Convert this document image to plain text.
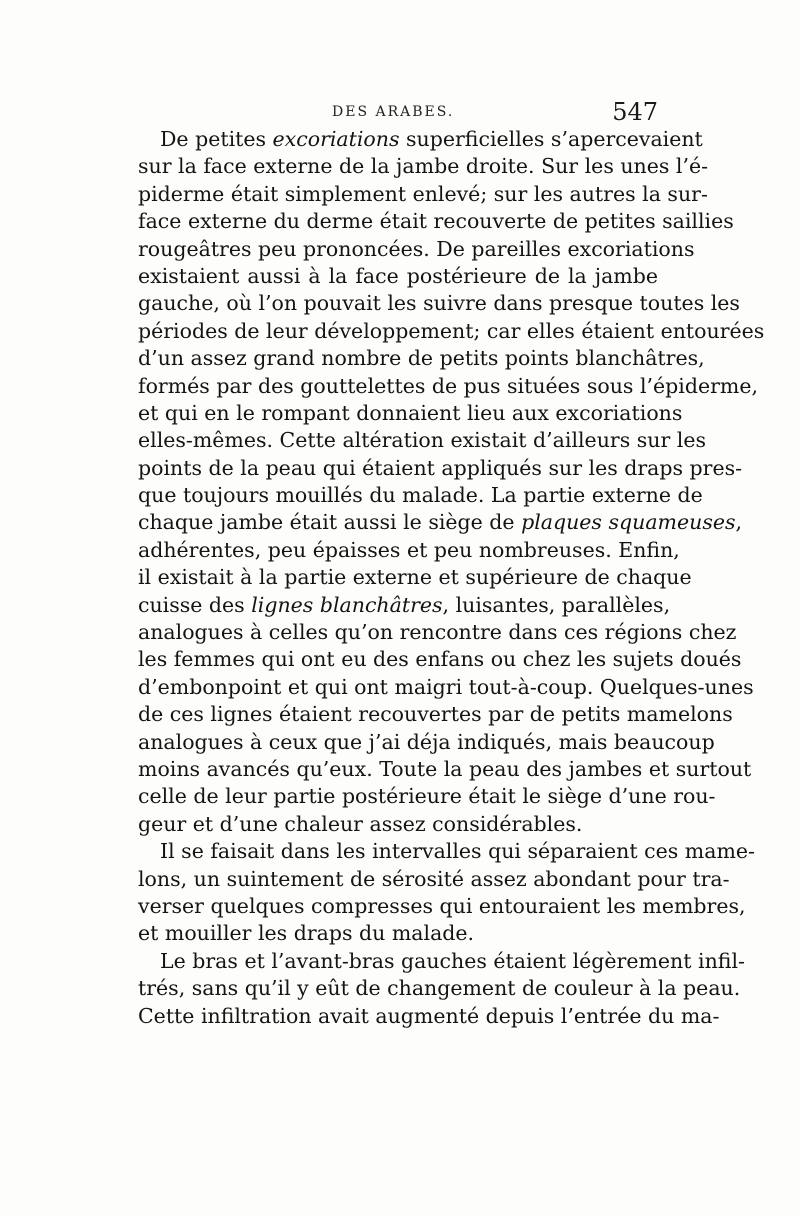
DES ARABES.	547
De petites excoriations superficielles s’apercevaient
sur la face externe de la jambe droite. Sur les unes l’é-
piderme était simplement enlevé; sur les autres la sur-
face externe du derme était recouverte de petites saillies
rougeâtres peu prononcées. De pareilles excoriations
existaient aussi à la face postérieure de la jambe
gauche, où l’on pouvait les suivre dans presque toutes les
périodes de leur développement; car elles étaient entourées
d’un assez grand nombre de petits points blanchâtres,
formés par des gouttelettes de pus situées sous l’épiderme,
et qui en le rompant donnaient lieu aux excoriations
elles-mêmes. Cette altération existait d’ailleurs sur les
points de la peau qui étaient appliqués sur les draps pres-
que toujours mouillés du malade. La partie externe de
chaque jambe était aussi le siège de plaques squameuses,
adhérentes, peu épaisses et peu nombreuses. Enfin,
il existait à la partie externe et supérieure de chaque
cuisse des lignes blanchâtres, luisantes, parallèles,
analogues à celles qu’on rencontre dans ces régions chez
les femmes qui ont eu des enfans ou chez les sujets doués
d’embonpoint et qui ont maigri tout-à-coup. Quelques-unes
de ces lignes étaient recouvertes par de petits mamelons
analogues à ceux que j’ai déja indiqués, mais beaucoup
moins avancés qu’eux. Toute la peau des jambes et surtout
celle de leur partie postérieure était le siège d’une rou-
geur et d’une chaleur assez considérables.
Il se faisait dans les intervalles qui séparaient ces mame-
lons, un suintement de sérosité assez abondant pour tra-
verser quelques compresses qui entouraient les membres,
et mouiller les draps du malade.
Le bras et l’avant-bras gauches étaient légèrement infil-
trés, sans qu’il y eût de changement de couleur à la peau.
Cette infiltration avait augmenté depuis l’entrée du ma-
